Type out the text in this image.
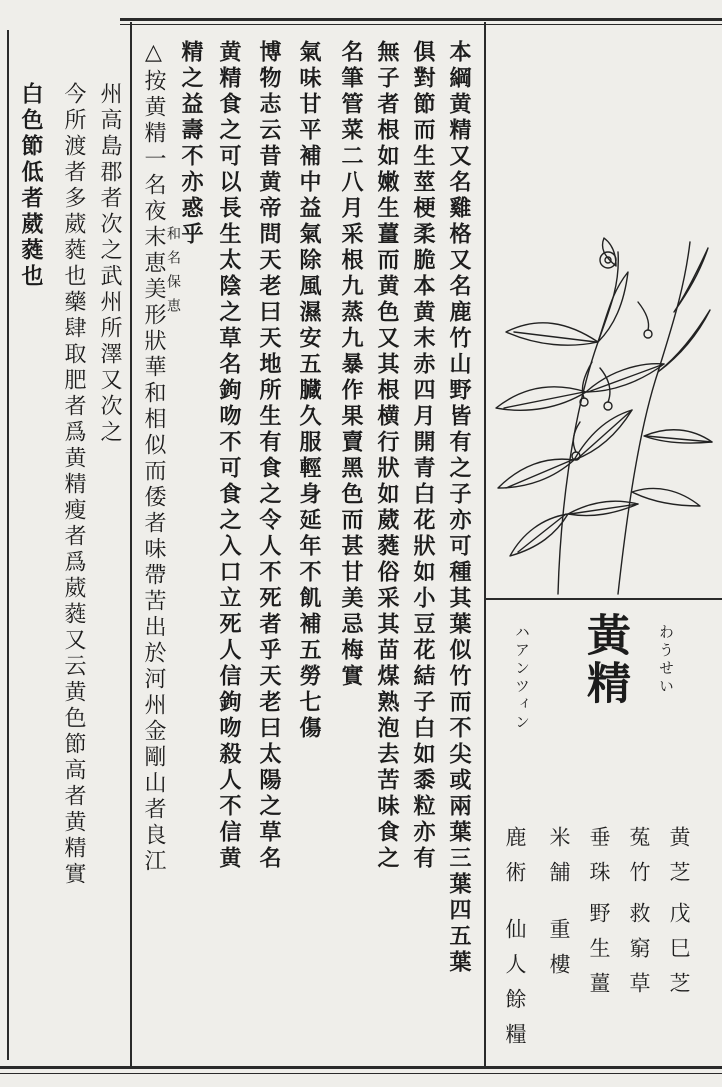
わうせい
黃精
ハアンツィン
黄芝
戊巳芝
菟竹
救窮草
垂珠
野生薑
米舗
重樓
鹿術
仙人餘糧
本綱黄精又名雞格又名鹿竹山野皆有之子亦可種其葉似竹而不尖或兩葉三葉四五葉
俱對節而生莖梗柔脆本黄末赤四月開青白花狀如小豆花結子白如黍粒亦有
無子者根如嫩生薑而黄色又其根横行狀如葳蕤俗采其苗煤熟泡去苦味食之
名筆管菜二八月采根九蒸九暴作果賣黑色而甚甘美忌梅實
氣味甘平補中益氣除風濕安五臓久服輕身延年不飢補五勞七傷
博物志云昔黄帝問天老曰天地所生有食之令人不死者乎天老曰太陽之草名
黄精食之可以長生太陰之草名鉤吻不可食之入口立死人信鉤吻殺人不信黄
精之益壽不亦惑乎
△按黄精一名夜末恵美形狀華和相似而倭者味帶苦出於河州金剛山者良江 和名保恵
州高島郡者次之武州所澤又次之
今所渡者多葳蕤也藥肆取肥者爲黄精瘦者爲葳蕤又云黄色節高者黄精實
白色節低者葳蕤也
